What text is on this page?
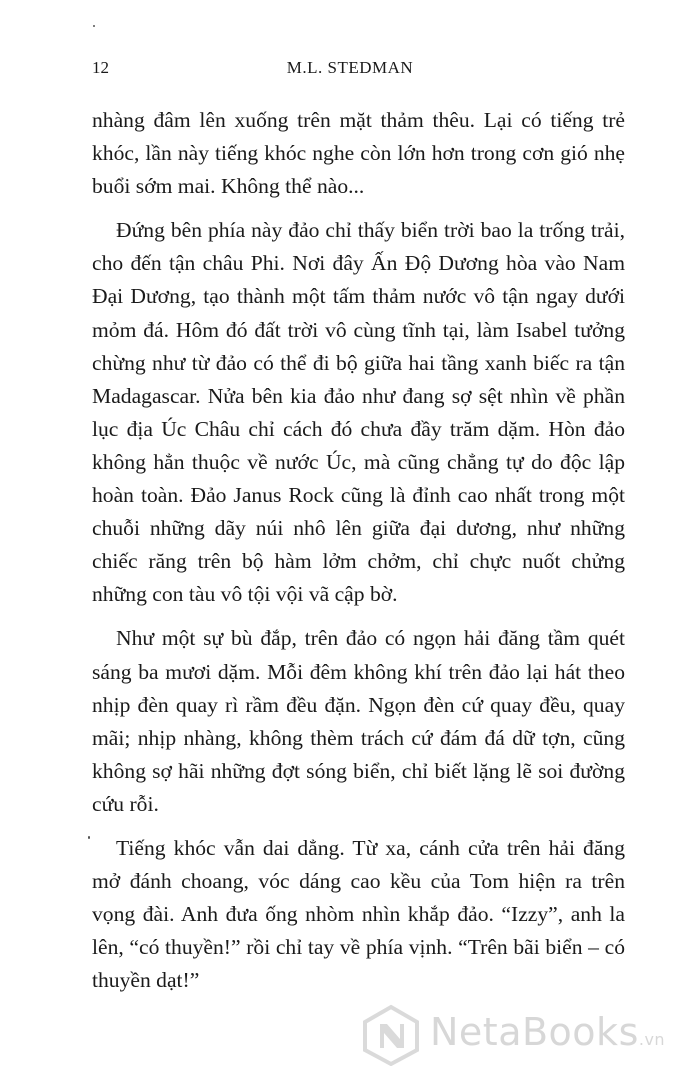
12	M.L. STEDMAN

nhàng đâm lên xuống trên mặt thảm thêu. Lại có tiếng trẻ khóc, lần này tiếng khóc nghe còn lớn hơn trong cơn gió nhẹ buổi sớm mai. Không thể nào...

Đứng bên phía này đảo chỉ thấy biển trời bao la trống trải, cho đến tận châu Phi. Nơi đây Ấn Độ Dương hòa vào Nam Đại Dương, tạo thành một tấm thảm nước vô tận ngay dưới mỏm đá. Hôm đó đất trời vô cùng tĩnh tại, làm Isabel tưởng chừng như từ đảo có thể đi bộ giữa hai tầng xanh biếc ra tận Madagascar. Nửa bên kia đảo như đang sợ sệt nhìn về phần lục địa Úc Châu chỉ cách đó chưa đầy trăm dặm. Hòn đảo không hẳn thuộc về nước Úc, mà cũng chẳng tự do độc lập hoàn toàn. Đảo Janus Rock cũng là đỉnh cao nhất trong một chuỗi những dãy núi nhô lên giữa đại dương, như những chiếc răng trên bộ hàm lởm chởm, chỉ chực nuốt chửng những con tàu vô tội vội vã cập bờ.

Như một sự bù đắp, trên đảo có ngọn hải đăng tầm quét sáng ba mươi dặm. Mỗi đêm không khí trên đảo lại hát theo nhịp đèn quay rì rầm đều đặn. Ngọn đèn cứ quay đều, quay mãi; nhịp nhàng, không thèm trách cứ đám đá dữ tợn, cũng không sợ hãi những đợt sóng biển, chỉ biết lặng lẽ soi đường cứu rỗi.

Tiếng khóc vẫn dai dẳng. Từ xa, cánh cửa trên hải đăng mở đánh choang, vóc dáng cao kều của Tom hiện ra trên vọng đài. Anh đưa ống nhòm nhìn khắp đảo. “Izzy”, anh la lên, “có thuyền!” rồi chỉ tay về phía vịnh. “Trên bãi biển – có thuyền dạt!”

NetaBooks.vn
